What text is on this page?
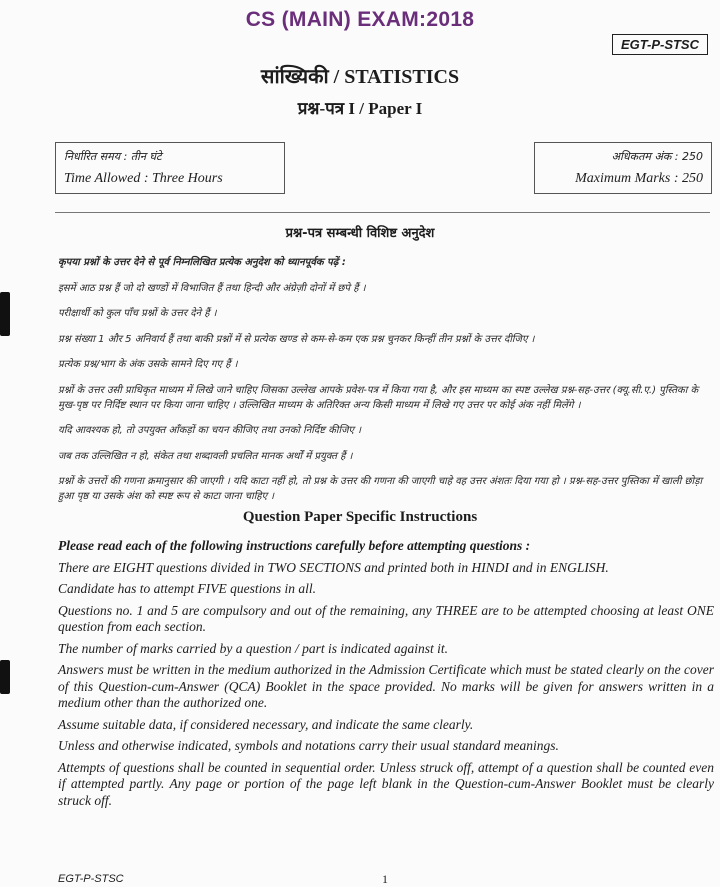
CS (MAIN) EXAM:2018
EGT-P-STSC
सांख्यिकी / STATISTICS
प्रश्न-पत्र I / Paper I
निर्धारित समय : तीन घंटे
Time Allowed : Three Hours
अधिकतम अंक : 250
Maximum Marks : 250
प्रश्न-पत्र सम्बन्धी विशिष्ट अनुदेश

कृपया प्रश्नों के उत्तर देने से पूर्व निम्नलिखित प्रत्येक अनुदेश को ध्यानपूर्वक पढ़ें :

इसमें आठ प्रश्न हैं जो दो खण्डों में विभाजित हैं तथा हिन्दी और अंग्रेज़ी दोनों में छपे हैं ।

परीक्षार्थी को कुल पाँच प्रश्नों के उत्तर देने हैं ।

प्रश्न संख्या 1 और 5 अनिवार्य हैं तथा बाकी प्रश्नों में से प्रत्येक खण्ड से कम-से-कम एक प्रश्न चुनकर किन्हीं तीन प्रश्नों के उत्तर दीजिए ।

प्रत्येक प्रश्न/भाग के अंक उसके सामने दिए गए हैं ।

प्रश्नों के उत्तर उसी प्राधिकृत माध्यम में लिखे जाने चाहिए जिसका उल्लेख आपके प्रवेश-पत्र में किया गया है, और इस माध्यम का स्पष्ट उल्लेख प्रश्न-सह-उत्तर (क्यू.सी.ए.) पुस्तिका के मुख-पृष्ठ पर निर्दिष्ट स्थान पर किया जाना चाहिए । उल्लिखित माध्यम के अतिरिक्त अन्य किसी माध्यम में लिखे गए उत्तर पर कोई अंक नहीं मिलेंगे ।

यदि आवश्यक हो, तो उपयुक्त आँकड़ों का चयन कीजिए तथा उनको निर्दिष्ट कीजिए ।

जब तक उल्लिखित न हो, संकेत तथा शब्दावली प्रचलित मानक अर्थों में प्रयुक्त हैं ।

प्रश्नों के उत्तरों की गणना क्रमानुसार की जाएगी । यदि काटा नहीं हो, तो प्रश्न के उत्तर की गणना की जाएगी चाहे वह उत्तर अंशतः दिया गया हो । प्रश्न-सह-उत्तर पुस्तिका में खाली छोड़ा हुआ पृष्ठ या उसके अंश को स्पष्ट रूप से काटा जाना चाहिए ।

Question Paper Specific Instructions

Please read each of the following instructions carefully before attempting questions :

There are EIGHT questions divided in TWO SECTIONS and printed both in HINDI and in ENGLISH.

Candidate has to attempt FIVE questions in all.

Questions no. 1 and 5 are compulsory and out of the remaining, any THREE are to be attempted choosing at least ONE question from each section.

The number of marks carried by a question / part is indicated against it.

Answers must be written in the medium authorized in the Admission Certificate which must be stated clearly on the cover of this Question-cum-Answer (QCA) Booklet in the space provided. No marks will be given for answers written in a medium other than the authorized one.

Assume suitable data, if considered necessary, and indicate the same clearly.

Unless and otherwise indicated, symbols and notations carry their usual standard meanings.

Attempts of questions shall be counted in sequential order. Unless struck off, attempt of a question shall be counted even if attempted partly. Any page or portion of the page left blank in the Question-cum-Answer Booklet must be clearly struck off.

EGT-P-STSC	1
